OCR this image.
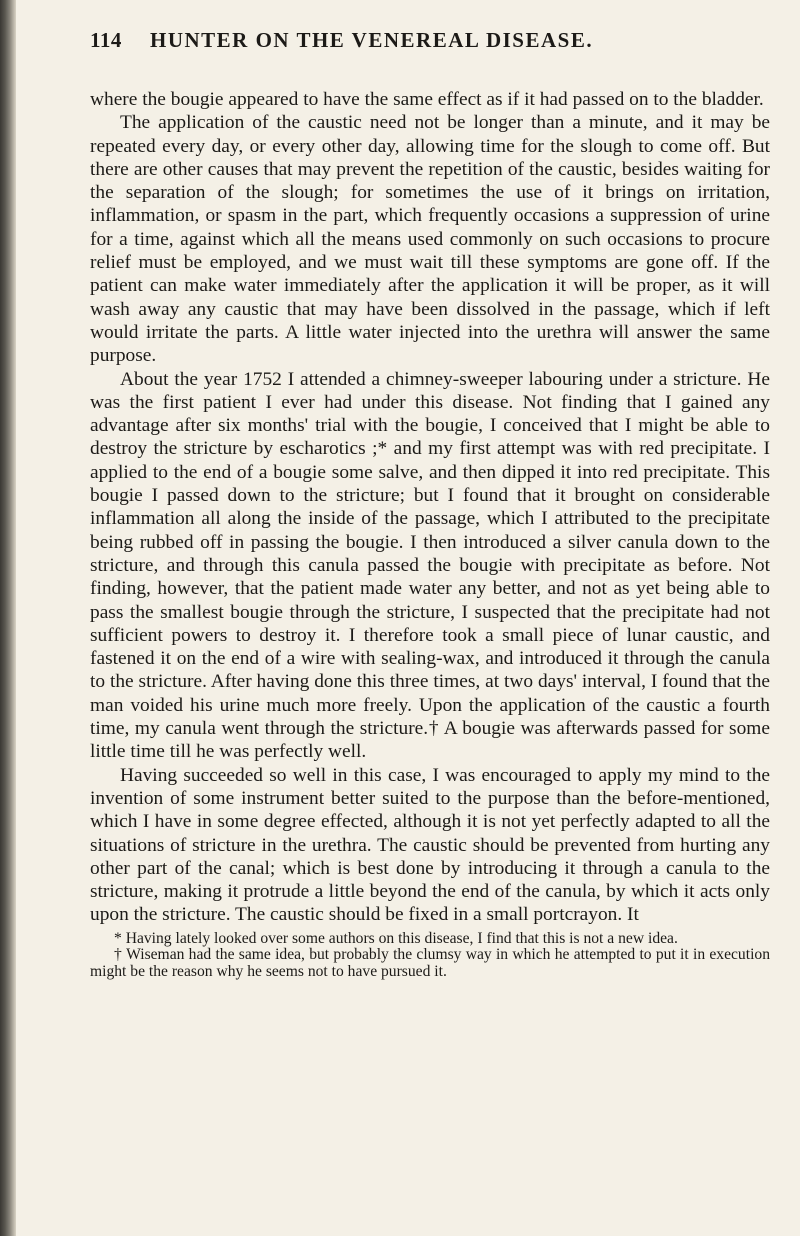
114 HUNTER ON THE VENEREAL DISEASE.

where the bougie appeared to have the same effect as if it had passed on to the bladder.

The application of the caustic need not be longer than a minute, and it may be repeated every day, or every other day, allowing time for the slough to come off. But there are other causes that may prevent the repetition of the caustic, besides waiting for the separation of the slough; for sometimes the use of it brings on irritation, inflammation, or spasm in the part, which frequently occasions a suppression of urine for a time, against which all the means used commonly on such occasions to procure relief must be employed, and we must wait till these symptoms are gone off. If the patient can make water immediately after the application it will be proper, as it will wash away any caustic that may have been dissolved in the passage, which if left would irritate the parts. A little water injected into the urethra will answer the same purpose.

About the year 1752 I attended a chimney-sweeper labouring under a stricture. He was the first patient I ever had under this disease. Not finding that I gained any advantage after six months' trial with the bougie, I conceived that I might be able to destroy the stricture by escharotics ;* and my first attempt was with red precipitate. I applied to the end of a bougie some salve, and then dipped it into red precipitate. This bougie I passed down to the stricture; but I found that it brought on considerable inflammation all along the inside of the passage, which I attributed to the precipitate being rubbed off in passing the bougie. I then introduced a silver canula down to the stricture, and through this canula passed the bougie with precipitate as before. Not finding, however, that the patient made water any better, and not as yet being able to pass the smallest bougie through the stricture, I suspected that the precipitate had not sufficient powers to destroy it. I therefore took a small piece of lunar caustic, and fastened it on the end of a wire with sealing-wax, and introduced it through the canula to the stricture. After having done this three times, at two days' interval, I found that the man voided his urine much more freely. Upon the application of the caustic a fourth time, my canula went through the stricture.† A bougie was afterwards passed for some little time till he was perfectly well.

Having succeeded so well in this case, I was encouraged to apply my mind to the invention of some instrument better suited to the purpose than the before-mentioned, which I have in some degree effected, although it is not yet perfectly adapted to all the situations of stricture in the urethra. The caustic should be prevented from hurting any other part of the canal; which is best done by introducing it through a canula to the stricture, making it protrude a little beyond the end of the canula, by which it acts only upon the stricture. The caustic should be fixed in a small portcrayon. It

* Having lately looked over some authors on this disease, I find that this is not a new idea.

† Wiseman had the same idea, but probably the clumsy way in which he attempted to put it in execution might be the reason why he seems not to have pursued it.
